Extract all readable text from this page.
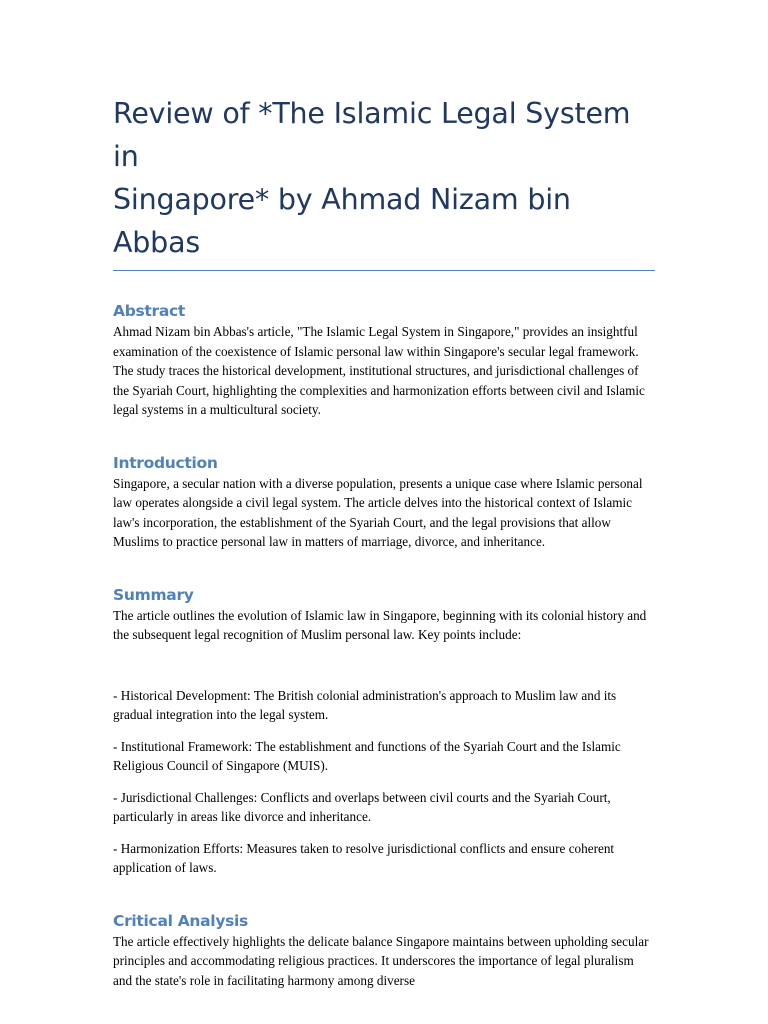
Review of *The Islamic Legal System in
Singapore* by Ahmad Nizam bin Abbas
Abstract

Ahmad Nizam bin Abbas's article, "The Islamic Legal System in Singapore," provides an insightful examination of the coexistence of Islamic personal law within Singapore's secular legal framework. The study traces the historical development, institutional structures, and jurisdictional challenges of the Syariah Court, highlighting the complexities and harmonization efforts between civil and Islamic legal systems in a multicultural society.

Introduction

Singapore, a secular nation with a diverse population, presents a unique case where Islamic personal law operates alongside a civil legal system. The article delves into the historical context of Islamic law's incorporation, the establishment of the Syariah Court, and the legal provisions that allow Muslims to practice personal law in matters of marriage, divorce, and inheritance.

Summary

The article outlines the evolution of Islamic law in Singapore, beginning with its colonial history and the subsequent legal recognition of Muslim personal law. Key points include:

- Historical Development: The British colonial administration's approach to Muslim law and its gradual integration into the legal system.

- Institutional Framework: The establishment and functions of the Syariah Court and the Islamic Religious Council of Singapore (MUIS).

- Jurisdictional Challenges: Conflicts and overlaps between civil courts and the Syariah Court, particularly in areas like divorce and inheritance.

- Harmonization Efforts: Measures taken to resolve jurisdictional conflicts and ensure coherent application of laws.

Critical Analysis

The article effectively highlights the delicate balance Singapore maintains between upholding secular principles and accommodating religious practices. It underscores the importance of legal pluralism and the state's role in facilitating harmony among diverse
